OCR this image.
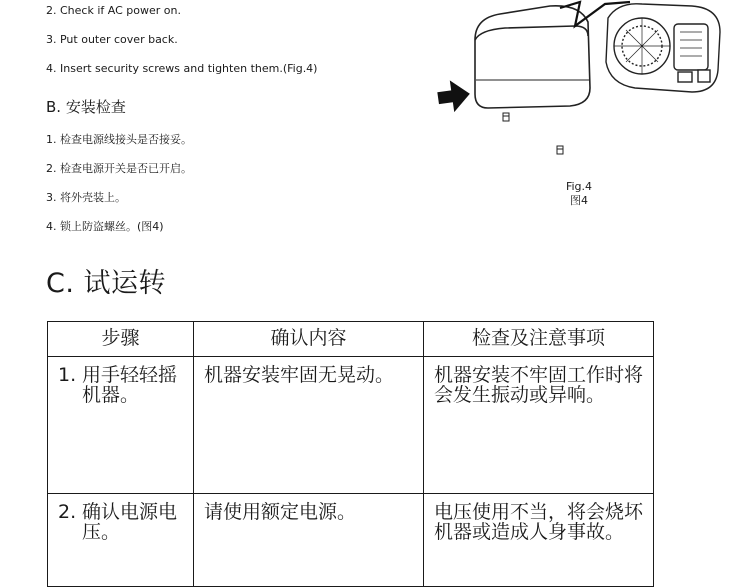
2. Check if AC power on.
3. Put outer cover back.
4. Insert security screws and tighten them.(Fig.4)
B. 安装检查
1. 检查电源线接头是否接妥。
2. 检查电源开关是否已开启。
3. 将外壳装上。
4. 锁上防盗螺丝。(图4)
Fig.4
图4
C. 试运转
步骤	确认内容	检查及注意事项

1. 用手轻轻摇机器。	机器安装牢固无晃动。	机器安装不牢固工作时将会发生振动或异响。

2. 确认电源电压。	请使用额定电源。	电压使用不当，将会烧坏机器或造成人身事故。
